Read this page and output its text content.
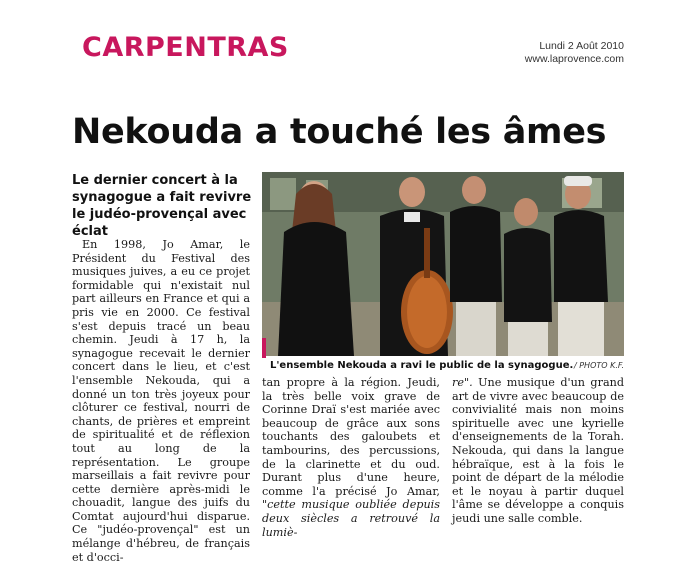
CARPENTRAS	Lundi 2 Août 2010
www.laprovence.com
Nekouda a touché les âmes
Le dernier concert à la synagogue a fait revivre le judéo-provençal avec éclat

En 1998, Jo Amar, le Président du Festival des musiques juives, a eu ce projet formidable qui n'existait nul part ailleurs en France et qui a pris vie en 2000. Ce festival s'est depuis tracé un beau chemin. Jeudi à 17 h, la synagogue recevait le dernier concert dans le lieu, et c'est l'ensemble Nekouda, qui a donné un ton très joyeux pour clôturer ce festival, nourri de chants, de prières et empreint de spiritualité et de réflexion tout au long de la représentation. Le groupe marseillais a fait revivre pour cette dernière après-midi le chouadit, langue des juifs du Comtat aujourd'hui disparue. Ce "judéo-provençal" est un mélange d'hébreu, de français et d'occi-

L'ensemble Nekouda a ravi le public de la synagogue. / PHOTO K.F.

tan propre à la région. Jeudi, la très belle voix grave de Corinne Draï s'est mariée avec beaucoup de grâce aux sons touchants des galoubets et tambourins, des percussions, de la clarinette et du oud. Durant plus d'une heure, comme l'a précisé Jo Amar, "cette musique oubliée depuis deux siècles a retrouvé la lumiè-

re". Une musique d'un grand art de vivre avec beaucoup de convivialité mais non moins spirituelle avec une kyrielle d'enseignements de la Torah. Nekouda, qui dans la langue hébraïque, est à la fois le point de départ de la mélodie et le noyau à partir duquel l'âme se développe a conquis jeudi une salle comble.
